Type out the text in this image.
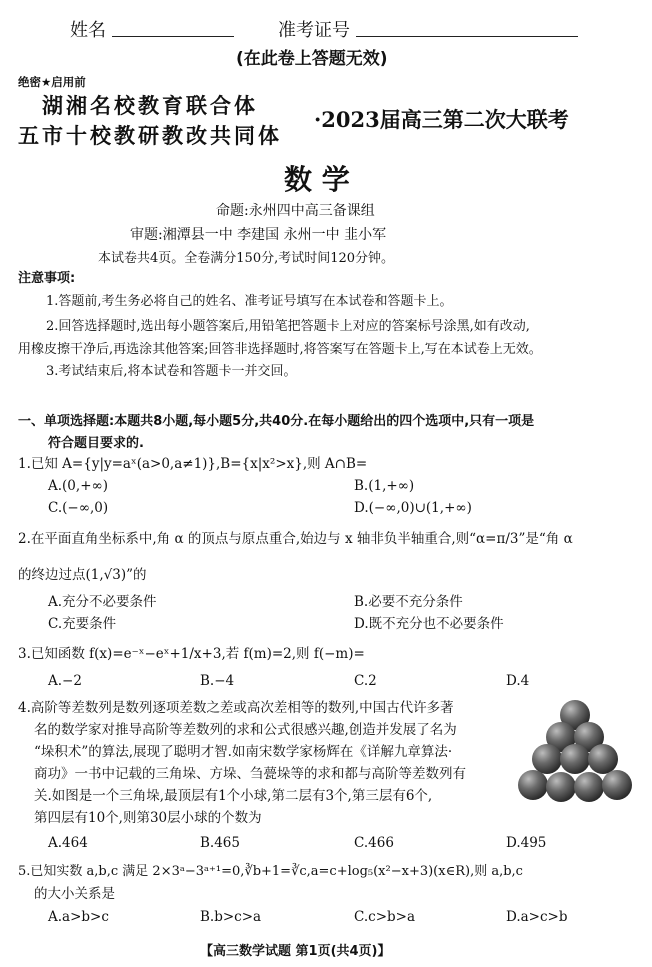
姓名	准考证号
(在此卷上答题无效)
绝密★启用前
湖湘名校教育联合体
五市十校教研教改共同体
·2023届高三第二次大联考
数 学
命题:永州四中高三备课组
审题:湘潭县一中 李建国 永州一中 韭小军
本试卷共4页。全卷满分150分,考试时间120分钟。
注意事项:
1.答题前,考生务必将自己的姓名、准考证号填写在本试卷和答题卡上。
2.回答选择题时,选出每小题答案后,用铅笔把答题卡上对应的答案标号涂黑,如有改动,
用橡皮擦干净后,再选涂其他答案;回答非选择题时,将答案写在答题卡上,写在本试卷上无效。
3.考试结束后,将本试卷和答题卡一并交回。
一、单项选择题:本题共8小题,每小题5分,共40分.在每小题给出的四个选项中,只有一项是
符合题目要求的.
1.已知 A={y|y=aˣ(a>0,a≠1)},B={x|x²>x},则 A∩B=
A.(0,+∞)	B.(1,+∞)
C.(−∞,0)	D.(−∞,0)∪(1,+∞)
2.在平面直角坐标系中,角 α 的顶点与原点重合,始边与 x 轴非负半轴重合,则“α=π/3”是“角 α
的终边过点(1,√3)”的
A.充分不必要条件	B.必要不充分条件
C.充要条件	D.既不充分也不必要条件
3.已知函数 f(x)=e⁻ˣ−eˣ+1/x+3,若 f(m)=2,则 f(−m)=
A.−2	B.−4	C.2	D.4
4.高阶等差数列是数列逐项差数之差或高次差相等的数列,中国古代许多著
名的数学家对推导高阶等差数列的求和公式很感兴趣,创造并发展了名为
“垛积术”的算法,展现了聪明才智.如南宋数学家杨辉在《详解九章算法·
商功》一书中记载的三角垛、方垛、刍甍垛等的求和都与高阶等差数列有
关.如图是一个三角垛,最顶层有1个小球,第二层有3个,第三层有6个,
第四层有10个,则第30层小球的个数为
A.464	B.465	C.466	D.495
5.已知实数 a,b,c 满足 2×3ᵃ−3ᵃ⁺¹=0,∛b+1=∛c,a=c+log₅(x²−x+3)(x∈R),则 a,b,c
的大小关系是
A.a>b>c	B.b>c>a	C.c>b>a	D.a>c>b
【高三数学试题 第1页(共4页)】
